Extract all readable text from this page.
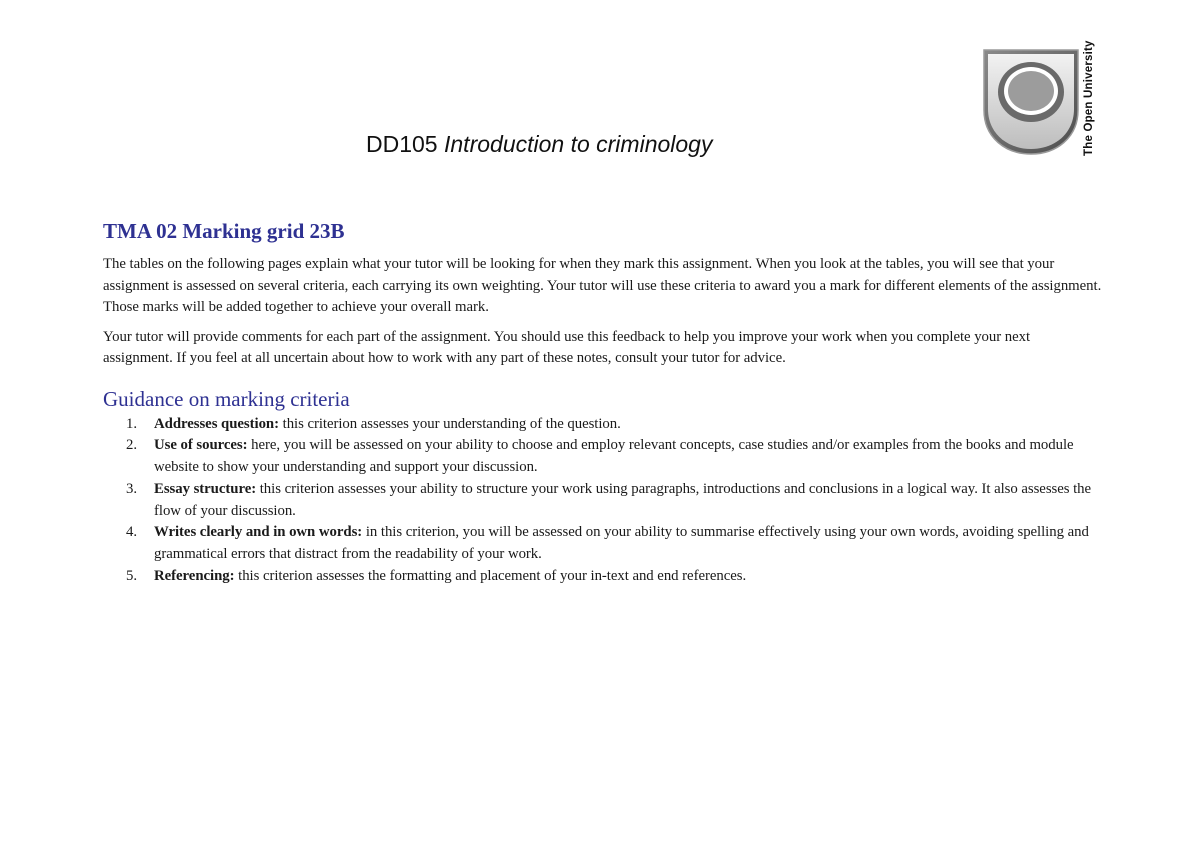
The Open University
DD105 Introduction to criminology
TMA 02 Marking grid 23B

The tables on the following pages explain what your tutor will be looking for when they mark this assignment. When you look at the tables, you will see that your assignment is assessed on several criteria, each carrying its own weighting. Your tutor will use these criteria to award you a mark for different elements of the assignment. Those marks will be added together to achieve your overall mark.

Your tutor will provide comments for each part of the assignment. You should use this feedback to help you improve your work when you complete your next assignment. If you feel at all uncertain about how to work with any part of these notes, consult your tutor for advice.

Guidance on marking criteria
1. Addresses question: this criterion assesses your understanding of the question.
2. Use of sources: here, you will be assessed on your ability to choose and employ relevant concepts, case studies and/or examples from the books and module website to show your understanding and support your discussion.
3. Essay structure: this criterion assesses your ability to structure your work using paragraphs, introductions and conclusions in a logical way. It also assesses the flow of your discussion.
4. Writes clearly and in own words: in this criterion, you will be assessed on your ability to summarise effectively using your own words, avoiding spelling and grammatical errors that distract from the readability of your work.
5. Referencing: this criterion assesses the formatting and placement of your in-text and end references.
